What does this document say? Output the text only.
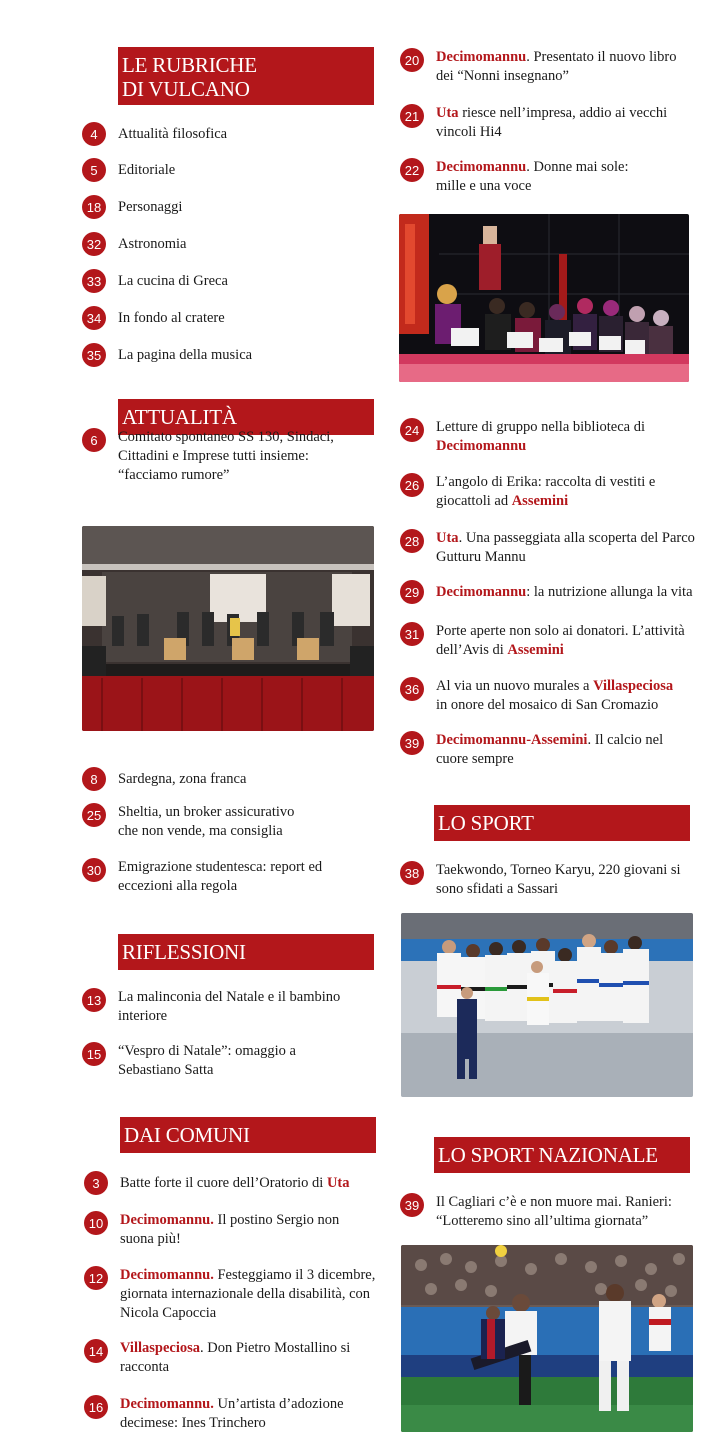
LE RUBRICHE
DI VULCANO
4	Attualità filosofica
5	Editoriale
18	Personaggi
32	Astronomia
33	La cucina di Greca
34	In fondo al cratere
35	La pagina della musica
ATTUALITÀ
6	Comitato spontaneo SS 130, Sindaci, Cittadini e Imprese tutti insieme: “facciamo rumore”
8	Sardegna, zona franca
25	Sheltia, un broker assicurativo che non vende, ma consiglia
30	Emigrazione studentesca: report ed eccezioni alla regola
RIFLESSIONI
13	La malinconia del Natale e il bambino interiore
15	“Vespro di Natale”: omaggio a Sebastiano Satta
DAI COMUNI
3	Batte forte il cuore dell’Oratorio di Uta
10	Decimomannu. Il postino Sergio non suona più!
12	Decimomannu. Festeggiamo il 3 dicembre, giornata internazionale della disabilità, con Nicola Capoccia
14	Villaspeciosa. Don Pietro Mostallino si racconta
16	Decimomannu. Un’artista d’adozione decimese: Ines Trinchero
20	Decimomannu. Presentato il nuovo libro dei “Nonni insegnano”
21	Uta riesce nell’impresa, addio ai vecchi vincoli Hi4
22	Decimomannu. Donne mai sole: mille e una voce
24	Letture di gruppo nella biblioteca di Decimomannu
26	L’angolo di Erika: raccolta di vestiti e giocattoli ad Assemini
28	Uta. Una passeggiata alla scoperta del Parco Gutturu Mannu
29	Decimomannu: la nutrizione allunga la vita
31	Porte aperte non solo ai donatori. L’attività dell’Avis di Assemini
36	Al via un nuovo murales a Villaspeciosa in onore del mosaico di San Cromazio
39	Decimomannu-Assemini. Il calcio nel cuore sempre
LO SPORT
38	Taekwondo, Torneo Karyu, 220 giovani si sono sfidati a Sassari
LO SPORT NAZIONALE
39	Il Cagliari c’è e non muore mai. Ranieri: “Lotteremo sino all’ultima giornata”
